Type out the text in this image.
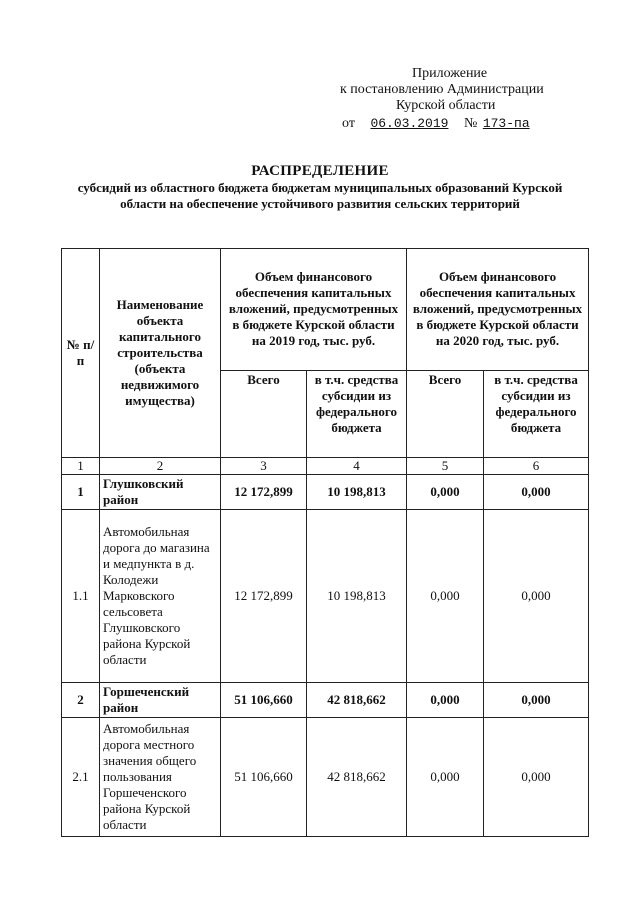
Приложение
к постановлению Администрации
Курской области
от 06.03.2019 № 173-па
РАСПРЕДЕЛЕНИЕ
субсидий из областного бюджета бюджетам муниципальных образований Курской области на обеспечение устойчивого развития сельских территорий
№ п/п	Наименование объекта капитального строительства (объекта недвижимого имущества)	Объем финансового обеспечения капитальных вложений, предусмотренных в бюджете Курской области на 2019 год, тыс. руб.		Объем финансового обеспечения капитальных вложений, предусмотренных в бюджете Курской области на 2020 год, тыс. руб.	
		Всего	в т.ч. средства субсидии из федерального бюджета	Всего	в т.ч. средства субсидии из федерального бюджета
1	2	3	4	5	6
1	Глушковский район	12 172,899	10 198,813	0,000	0,000
1.1	Автомобильная дорога до магазина и медпункта в д. Колодежи Марковского сельсовета Глушковского района Курской области	12 172,899	10 198,813	0,000	0,000
2	Горшеченский район	51 106,660	42 818,662	0,000	0,000
2.1	Автомобильная дорога местного значения общего пользования Горшеченского района Курской области	51 106,660	42 818,662	0,000	0,000
